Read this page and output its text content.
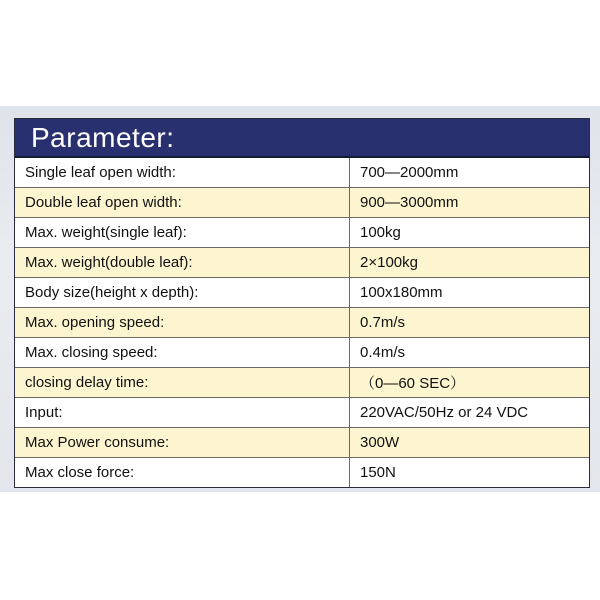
Parameter:
Single leaf open width:	700—2000mm
Double leaf open width:	900—3000mm
Max. weight(single leaf):	100kg
Max. weight(double leaf):	2×100kg
Body size(height x depth):	100x180mm
Max. opening speed:	0.7m/s
Max. closing speed:	0.4m/s
closing delay time:	（0—60 SEC）
Input:	220VAC/50Hz or 24 VDC
Max Power consume:	300W
Max close force:	150N
